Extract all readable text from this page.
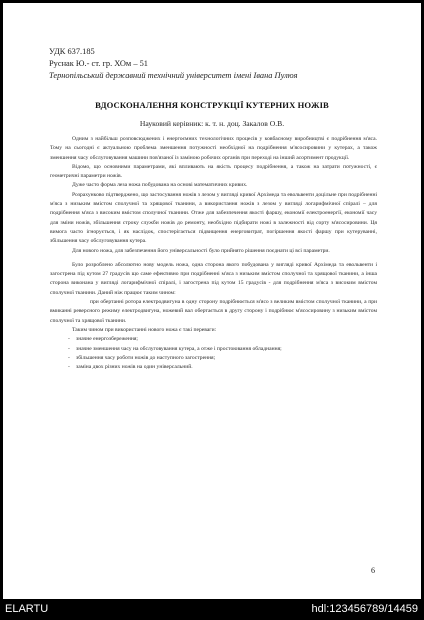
УДК 637.185
Руснак Ю.- ст. гр. ХОм – 51
Тернопільський державний технічний університет імені Івана Пулюя
ВДОСКОНАЛЕННЯ КОНСТРУКЦІЇ КУТЕРНИХ НОЖІВ
Науковий керівник: к. т. н. доц. Закалов О.В.

Одним з найбільш розповсюджених і енергоємних технологічних процесів у ковбасному виробництві є подрібнення м'яса. Тому на сьогодні є актуальною проблема зменшення потужності необхідної на подрібнення м'ясосировини у кутерах, а також зменшення часу обслуговування машини пов'язаної із заміною робочих органів при переході на інший асортимент продукції.

Відомо, що основними параметрами, які впливають на якість процесу подрібнення, а також на затрати потужності, є геометричні параметри ножів.

Дуже часто форма леза ножа побудована на основі математичних кривих.

Розрахунково підтверджено, що застосування ножів з лезом у вигляді кривої Архімеда та евольвенти доцільне при подрібненні м'яса з низьким вмістом сполучної та хрящової тканини, а використання ножів з лезом у вигляді логарифмічної спіралі – для подрібнення м'яса з високим вмістом сполучної тканини. Отже для забезпечення якості фаршу, економії електроенергії, економії часу для зміни ножів, збільшення строку служби ножів до ремонту, необхідно підбирати ножі в залежності від сорту м'ясосировини. Ця вимога часто ігнорується, і як наслідок, спостерігається підвищення енерговитрат, погіршення якості фаршу при кутеруванні, збільшення часу обслуговування кутера.

Для нового ножа, для забезпечення його універсальності було прийнято рішення поєднати ці всі параметри.

Було розроблено абсолютно нову модель ножа, одна сторона якого побудована у вигляді кривої Архімеда та евольвенти і загострена під кутом 27 градусів що саме ефективно при подрібненні м'яса з низьким вмістом сполучної та хрящової тканини, а інша сторона виконана у вигляді логарифмічної спіралі, і загострена під кутом 15 градусів - для подрібнення м'яса з високим вмістом сполучної тканини. Даний ніж працює таким чином:

при обертанні ротора електродвигуна в одну сторону подрібнюється м'ясо з великим вмістом сполучної тканини, а при вмиканні реверсного режиму електродвигуна, ножевий вал обертається в другу сторону і подрібнює м'ясосировину з низьким вмістом сполучної та хрящової тканини.

Таким чином при використанні нового ножа є такі переваги:

- значне енергозбереження;
- значне зменшення часу на обслуговування кутера, а отже і простоювання обладнання;
- збільшення часу роботи ножів до наступного загострення;
- заміна двох різних ножів на один універсальний.
6
ELARTU	hdl:123456789/14459
